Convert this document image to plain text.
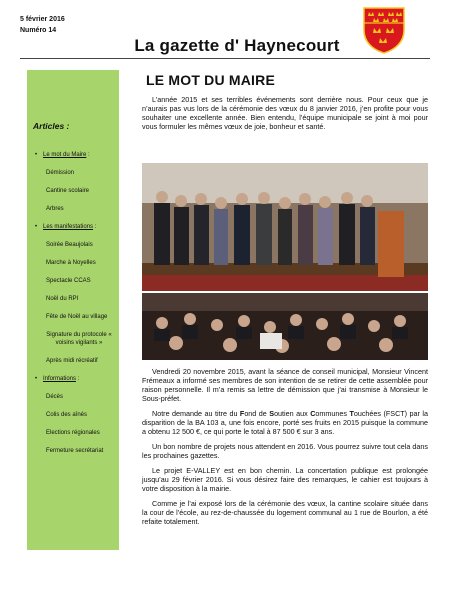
5 février 2016
Numéro 14
La gazette d' Haynecourt
Articles :
• Le mot du Maire :
Démission
Cantine scolaire
Arbres
• Les manifestations :
Soirée Beaujolais
Marche à Noyelles
Spectacle CCAS
Noël du RPI
Fête de Noël au village
Signature du protocole « voisins vigilants »
Après midi récréatif
• Informations :
Décès
Colis des aînés
Elections régionales
Fermeture secrétariat
LE MOT DU MAIRE

L’année 2015 et ses terribles événements sont derrière nous. Pour ceux que je n’aurais pas vus lors de la cérémonie des vœux du 8 janvier 2016, j’en profite pour vous souhaiter une excellente année. Bien entendu, l’équipe municipale se joint à moi pour vous formuler les mêmes vœux de joie, bonheur et santé.

Vendredi 20 novembre 2015, avant la séance de conseil municipal, Monsieur Vincent Frémeaux a informé ses membres de son intention de se retirer de cette assemblée pour raison personnelle. Il m’a remis sa lettre de démission que j’ai transmise à Monsieur le Sous-préfet.

Notre demande au titre du Fond de Soutien aux Communes Touchées (FSCT) par la disparition de la BA 103 a, une fois encore, porté ses fruits en 2015 puisque la commune a obtenu 12 500 €, ce qui porte le total à 87 500 € sur 3 ans.

Un bon nombre de projets nous attendent en 2016. Vous pourrez suivre tout cela dans les prochaines gazettes.

Le projet E-VALLEY est en bon chemin. La concertation publique est prolongée jusqu’au 29 février 2016. Si vous désirez faire des remarques, le cahier est toujours à votre disposition à la mairie.

Comme je l’ai exposé lors de la cérémonie des vœux, la cantine scolaire située dans la cour de l’école, au rez-de-chaussée du logement communal au 1 rue de Bourlon, a été refaite totalement.
